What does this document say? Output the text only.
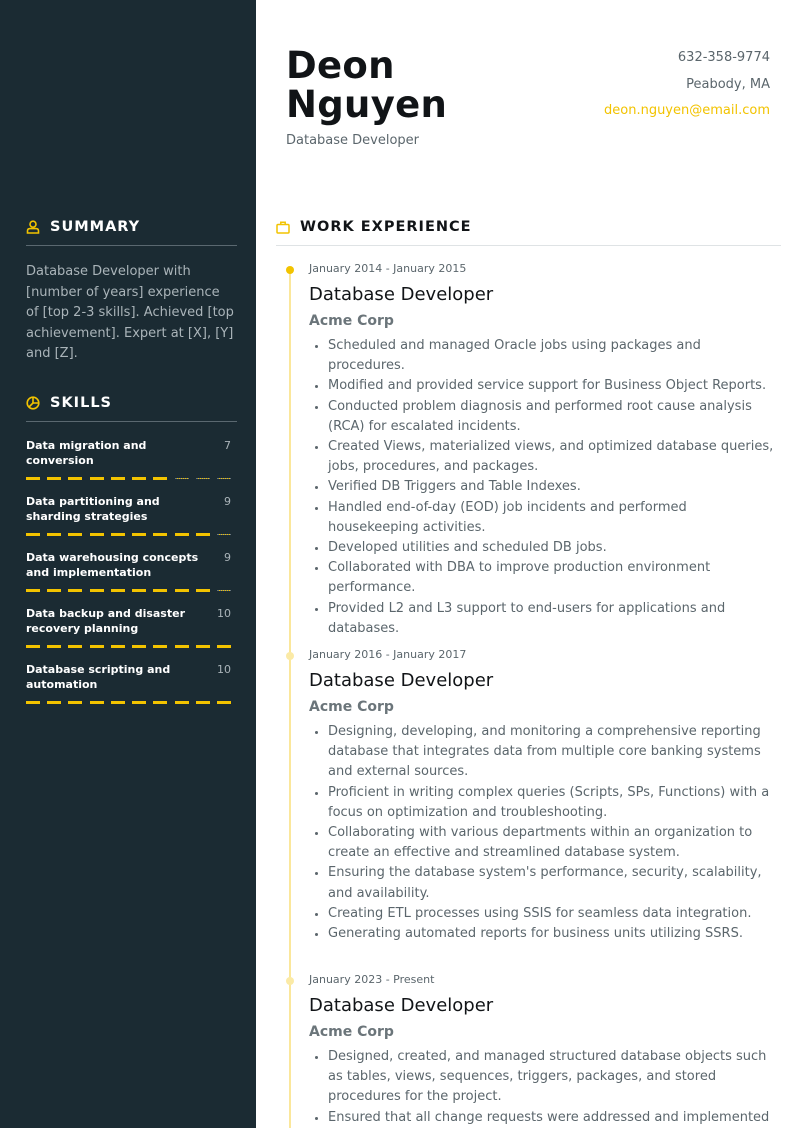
SUMMARY
Database Developer with [number of years] experience of [top 2-3 skills]. Achieved [top achievement]. Expert at [X], [Y] and [Z].
SKILLS
Data migration and conversion
7
Data partitioning and sharding strategies
9
Data warehousing concepts and implementation
9
Data backup and disaster recovery planning
10
Database scripting and automation
10
Deon
Nguyen
Database Developer
632-358-9774
Peabody, MA
deon.nguyen@email.com
WORK EXPERIENCE
January 2014 - January 2015
Database Developer
Acme Corp
• Scheduled and managed Oracle jobs using packages and procedures.
• Modified and provided service support for Business Object Reports.
• Conducted problem diagnosis and performed root cause analysis (RCA) for escalated incidents.
• Created Views, materialized views, and optimized database queries, jobs, procedures, and packages.
• Verified DB Triggers and Table Indexes.
• Handled end-of-day (EOD) job incidents and performed housekeeping activities.
• Developed utilities and scheduled DB jobs.
• Collaborated with DBA to improve production environment performance.
• Provided L2 and L3 support to end-users for applications and databases.
January 2016 - January 2017
Database Developer
Acme Corp
• Designing, developing, and monitoring a comprehensive reporting database that integrates data from multiple core banking systems and external sources.
• Proficient in writing complex queries (Scripts, SPs, Functions) with a focus on optimization and troubleshooting.
• Collaborating with various departments within an organization to create an effective and streamlined database system.
• Ensuring the database system's performance, security, scalability, and availability.
• Creating ETL processes using SSIS for seamless data integration.
• Generating automated reports for business units utilizing SSRS.
January 2023 - Present
Database Developer
Acme Corp
• Designed, created, and managed structured database objects such as tables, views, sequences, triggers, packages, and stored procedures for the project.
• Ensured that all change requests were addressed and implemented
